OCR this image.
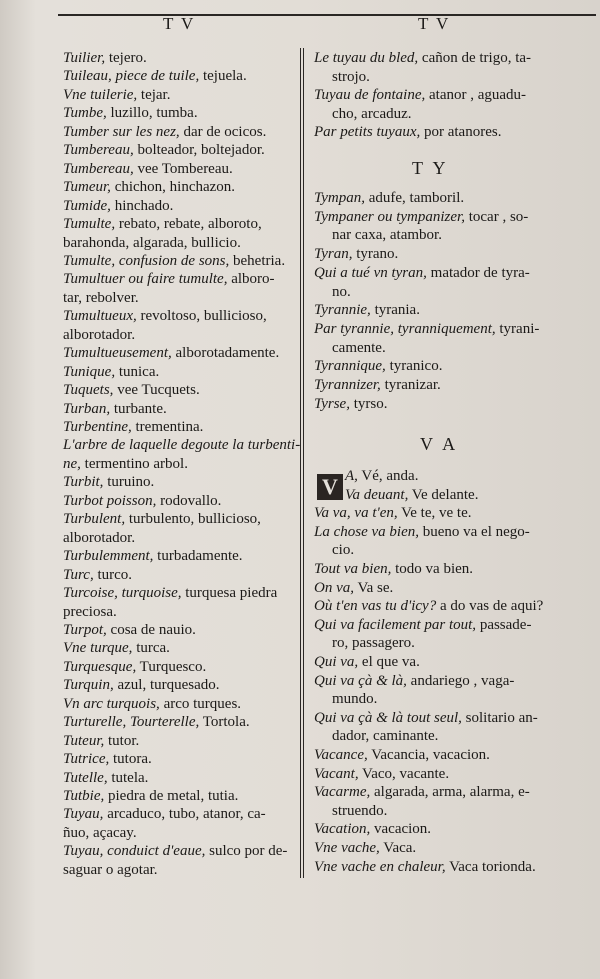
T V	T V
Tuilier, tejero.
Tuileau, piece de tuile, tejuela.
Vne tuilerie, tejar.
Tumbe, luzillo, tumba.
Tumber sur les nez, dar de ocicos.
Tumbereau, bolteador, boltejador.
Tumbereau, vee Tombereau.
Tumeur, chichon, hinchazon.
Tumide, hinchado.
Tumulte, rebato, rebate, alboroto,
barahonda, algarada, bullicio.
Tumulte, confusion de sons, behetria.
Tumultuer ou faire tumulte, alboro-
tar, rebolver.
Tumultueux, revoltoso, bullicioso,
alborotador.
Tumultueusement, alborotadamente.
Tunique, tunica.
Tuquets, vee Tucquets.
Turban, turbante.
Turbentine, trementina.
L'arbre de laquelle degoute la turbenti-
ne, termentino arbol.
Turbit, turuino.
Turbot poisson, rodovallo.
Turbulent, turbulento, bullicioso,
alborotador.
Turbulemment, turbadamente.
Turc, turco.
Turcoise, turquoise, turquesa piedra
preciosa.
Turpot, cosa de nauio.
Vne turque, turca.
Turquesque, Turquesco.
Turquin, azul, turquesado.
Vn arc turquois, arco turques.
Turturelle, Tourterelle, Tortola.
Tuteur, tutor.
Tutrice, tutora.
Tutelle, tutela.
Tutbie, piedra de metal, tutia.
Tuyau, arcaduco, tubo, atanor, ca-
ñuo, açacay.
Tuyau, conduict d'eaue, sulco por de-
saguar o agotar.
Le tuyau du bled, cañon de trigo, ta-
strojo.
Tuyau de fontaine, atanor , aguadu-
cho, arcaduz.
Par petits tuyaux, por atanores.
Tympan, adufe, tamboril.
Tympaner ou tympanizer, tocar , so-
nar caxa, atambor.
Tyran, tyrano.
Qui a tué vn tyran, matador de tyra-
no.
Tyrannie, tyrania.
Par tyrannie, tyranniquement, tyrani-
camente.
Tyrannique, tyranico.
Tyrannizer, tyranizar.
Tyrse, tyrso.
A, Vé, anda.
Va deuant, Ve delante.
Va va, va t'en, Ve te, ve te.
La chose va bien, bueno va el nego-
cio.
Tout va bien, todo va bien.
On va, Va se.
Où t'en vas tu d'icy? a do vas de aqui?
Qui va facilement par tout, passade-
ro, passagero.
Qui va, el que va.
Qui va çà & là, andariego , vaga-
mundo.
Qui va çà & là tout seul, solitario an-
dador, caminante.
Vacance, Vacancia, vacacion.
Vacant, Vaco, vacante.
Vacarme, algarada, arma, alarma, e-
struendo.
Vacation, vacacion.
Vne vache, Vaca.
Vne vache en chaleur, Vaca torionda.
T Y
V A
V
